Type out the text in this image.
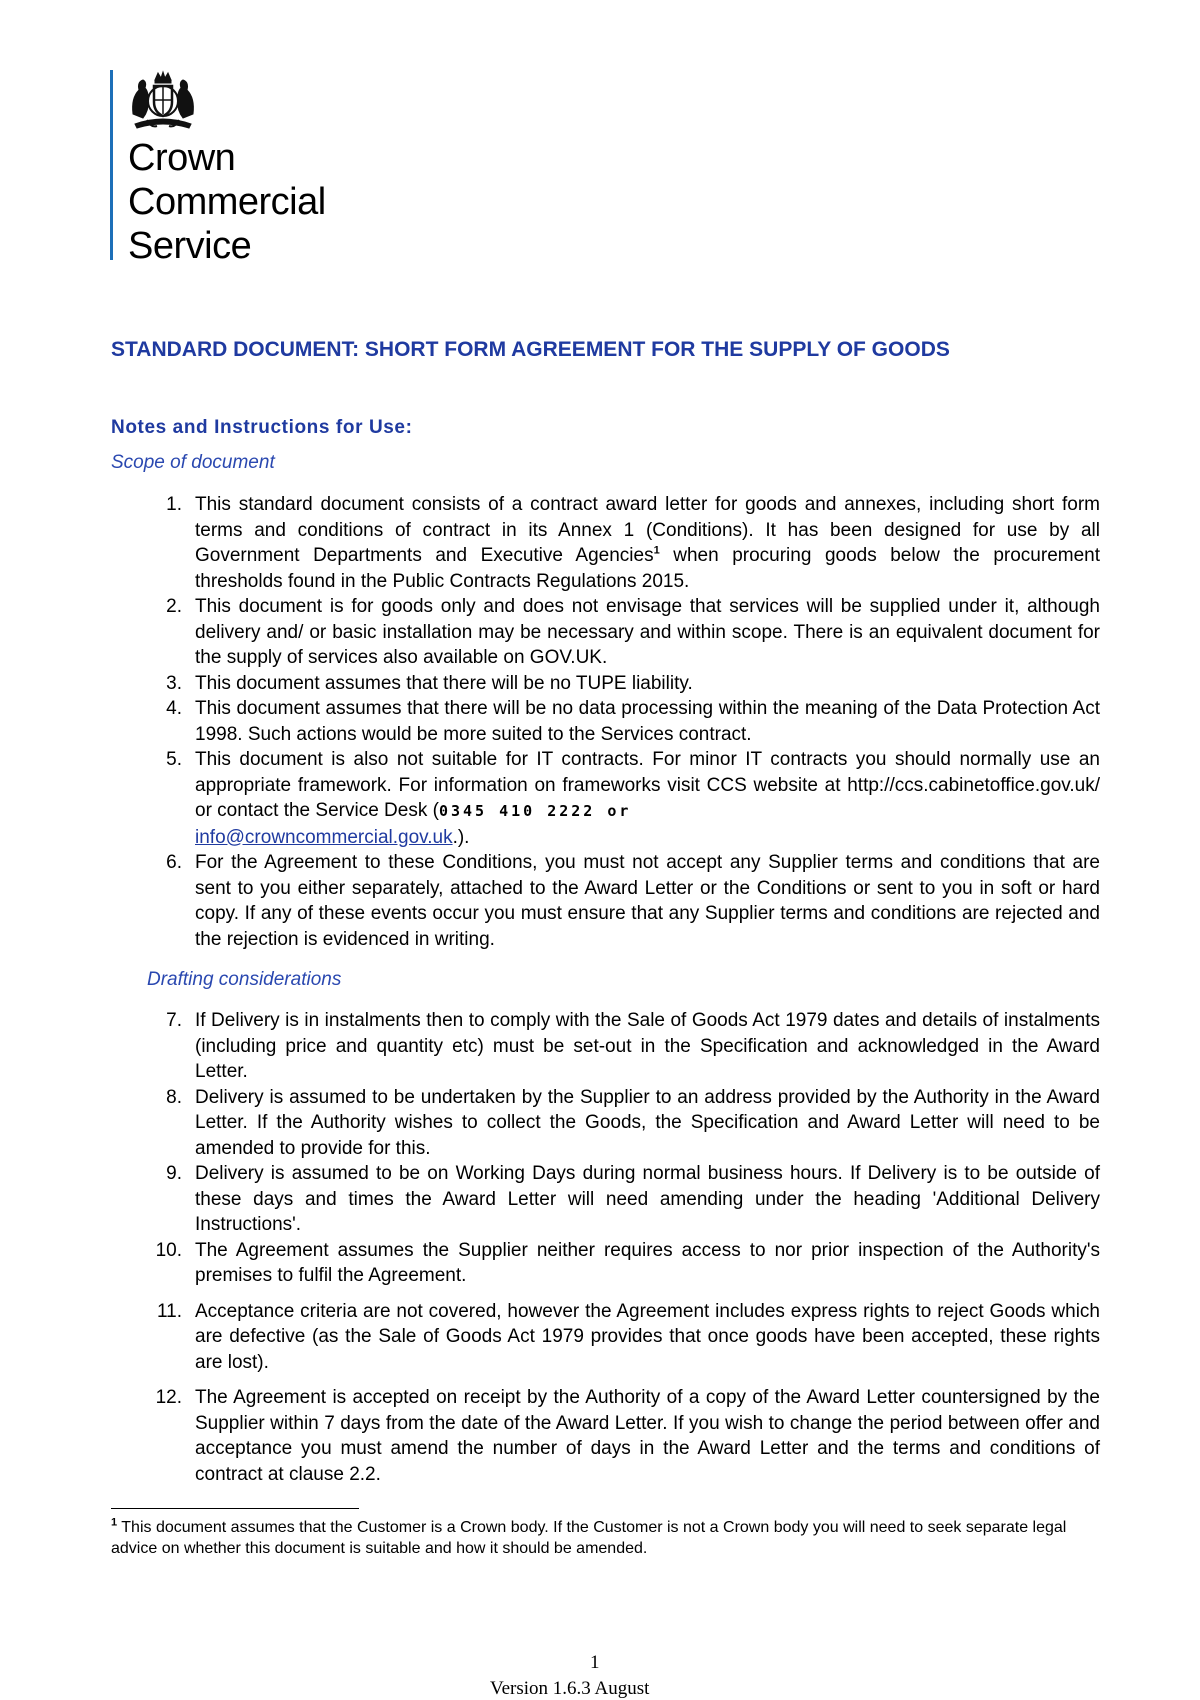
Crown
Commercial
Service
STANDARD DOCUMENT: SHORT FORM AGREEMENT FOR THE SUPPLY OF GOODS
Notes and Instructions for Use:
Scope of document
1. This standard document consists of a contract award letter for goods and annexes, including short form terms and conditions of contract in its Annex 1 (Conditions). It has been designed for use by all Government Departments and Executive Agencies$^1$ when procuring goods below the procurement thresholds found in the Public Contracts Regulations 2015.
2. This document is for goods only and does not envisage that services will be supplied under it, although delivery and/ or basic installation may be necessary and within scope. There is an equivalent document for the supply of services also available on GOV.UK.
3. This document assumes that there will be no TUPE liability.
4. This document assumes that there will be no data processing within the meaning of the Data Protection Act 1998. Such actions would be more suited to the Services contract.
5. This document is also not suitable for IT contracts. For minor IT contracts you should normally use an appropriate framework. For information on frameworks visit CCS website at http://ccs.cabinetoffice.gov.uk/ or contact the Service Desk (0345 410 2222 or
info@crowncommercial.gov.uk.).
6. For the Agreement to these Conditions, you must not accept any Supplier terms and conditions that are sent to you either separately, attached to the Award Letter or the Conditions or sent to you in soft or hard copy. If any of these events occur you must ensure that any Supplier terms and conditions are rejected and the rejection is evidenced in writing.
Drafting considerations
7. If Delivery is in instalments then to comply with the Sale of Goods Act 1979 dates and details of instalments (including price and quantity etc) must be set-out in the Specification and acknowledged in the Award Letter.
8. Delivery is assumed to be undertaken by the Supplier to an address provided by the Authority in the Award Letter. If the Authority wishes to collect the Goods, the Specification and Award Letter will need to be amended to provide for this.
9. Delivery is assumed to be on Working Days during normal business hours. If Delivery is to be outside of these days and times the Award Letter will need amending under the heading 'Additional Delivery Instructions'.
10. The Agreement assumes the Supplier neither requires access to nor prior inspection of the Authority's premises to fulfil the Agreement.
11. Acceptance criteria are not covered, however the Agreement includes express rights to reject Goods which are defective (as the Sale of Goods Act 1979 provides that once goods have been accepted, these rights are lost).
12. The Agreement is accepted on receipt by the Authority of a copy of the Award Letter countersigned by the Supplier within 7 days from the date of the Award Letter. If you wish to change the period between offer and acceptance you must amend the number of days in the Award Letter and the terms and conditions of contract at clause 2.2.
$^1$ This document assumes that the Customer is a Crown body. If the Customer is not a Crown body you will need to seek separate legal advice on whether this document is suitable and how it should be amended.
1
Version 1.6.3 August
